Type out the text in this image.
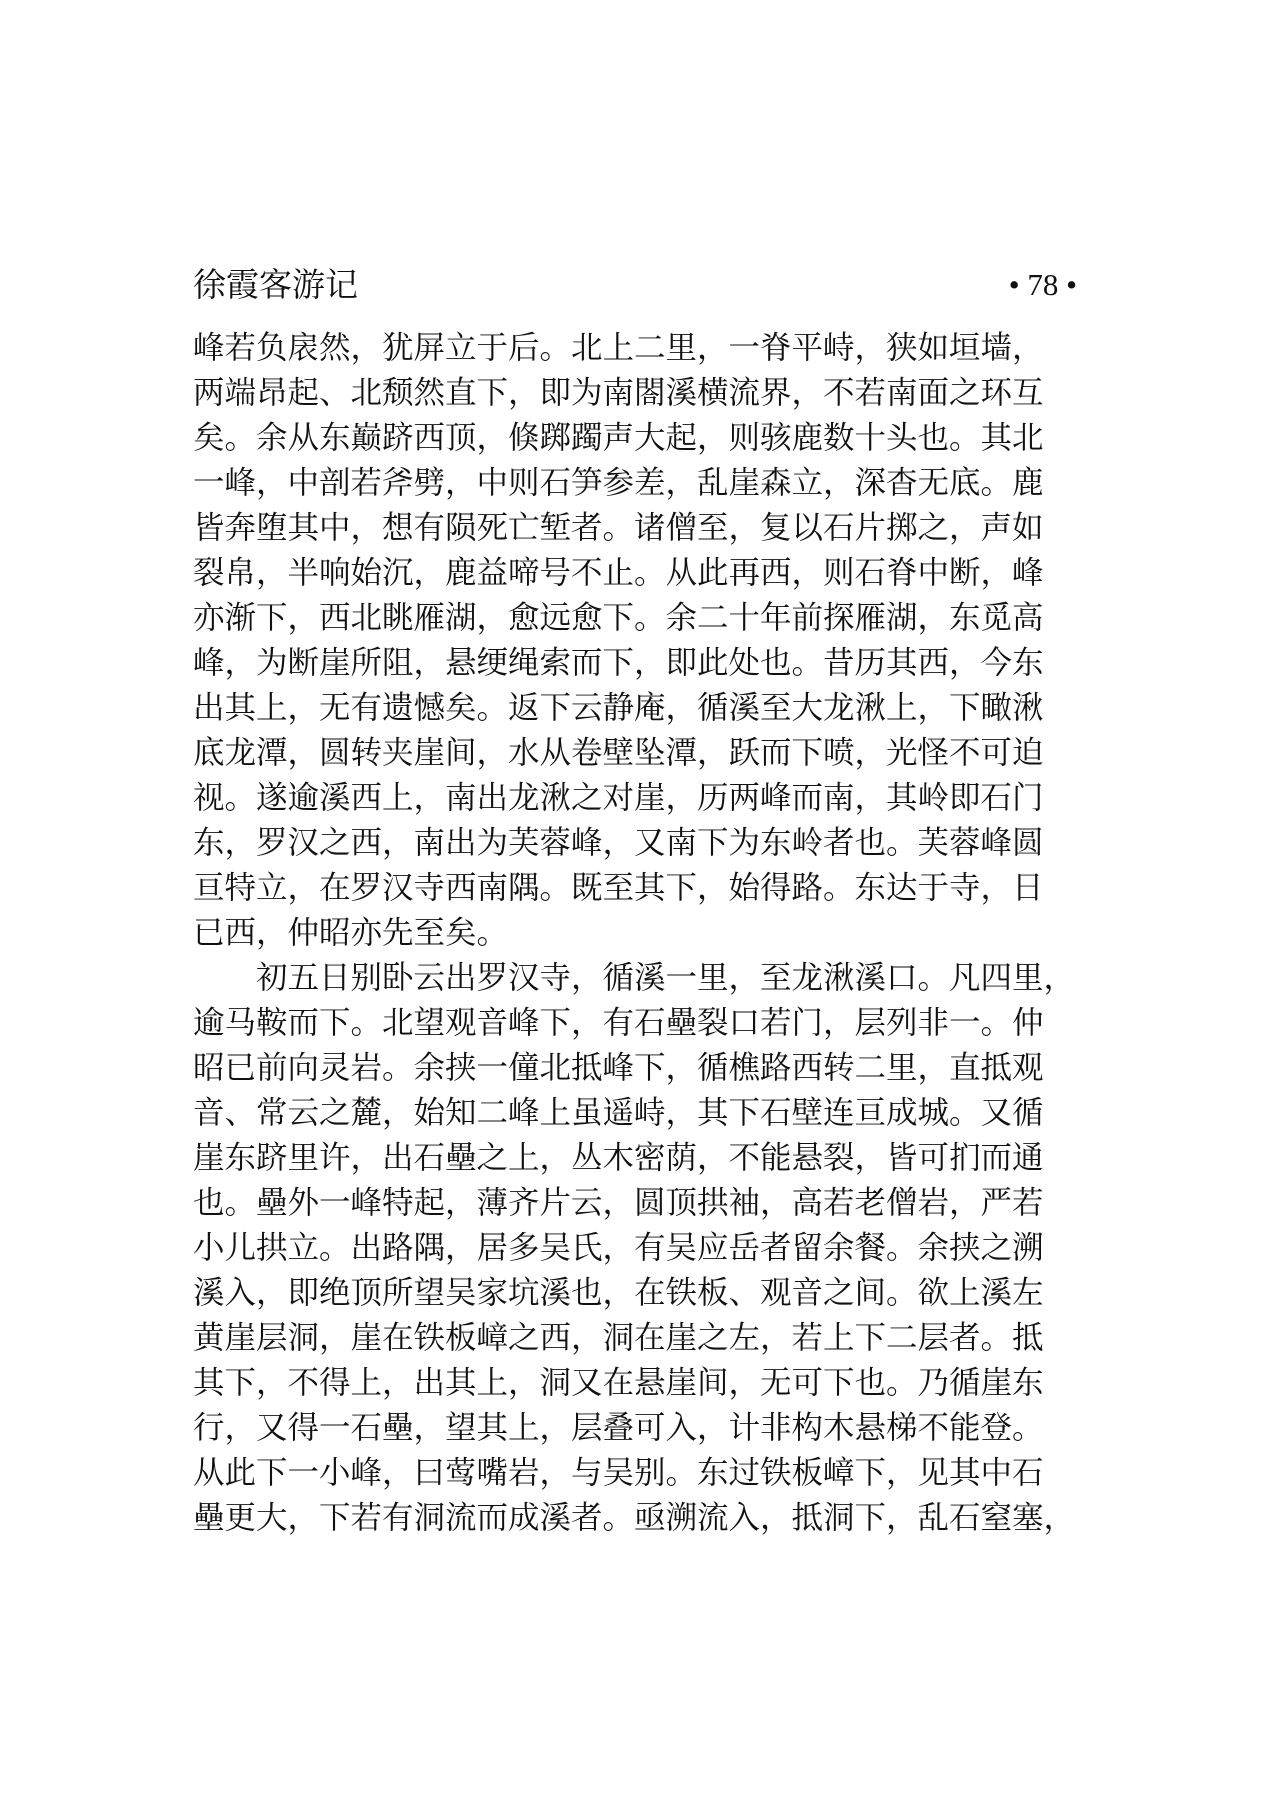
徐霞客游记	• 78 •
峰若负扆然，犹屏立于后。北上二里，一脊平峙，狭如垣墙，
两端昂起、北颓然直下，即为南閤溪横流界，不若南面之环互
矣。余从东巅跻西顶，倏踯躅声大起，则骇鹿数十头也。其北
一峰，中剖若斧劈，中则石笋参差，乱崖森立，深杳无底。鹿
皆奔堕其中，想有陨死亡堑者。诸僧至，复以石片掷之，声如
裂帛，半响始沉，鹿益啼号不止。从此再西，则石脊中断，峰
亦渐下，西北眺雁湖，愈远愈下。余二十年前探雁湖，东觅高
峰，为断崖所阻，悬绠绳索而下，即此处也。昔历其西，今东
出其上，无有遗憾矣。返下云静庵，循溪至大龙湫上，下瞰湫
底龙潭，圆转夹崖间，水从卷壁坠潭，跃而下喷，光怪不可迫
视。遂逾溪西上，南出龙湫之对崖，历两峰而南，其岭即石门
东，罗汉之西，南出为芙蓉峰，又南下为东岭者也。芙蓉峰圆
亘特立，在罗汉寺西南隅。既至其下，始得路。东达于寺，日
已西，仲昭亦先至矣。
初五日别卧云出罗汉寺，循溪一里，至龙湫溪口。凡四里，
逾马鞍而下。北望观音峰下，有石壘裂口若门，层列非一。仲
昭已前向灵岩。余挟一僮北抵峰下，循樵路西转二里，直抵观
音、常云之麓，始知二峰上虽遥峙，其下石壁连亘成城。又循
崖东跻里许，出石壘之上，丛木密荫，不能悬裂，皆可扪而通
也。壘外一峰特起，薄齐片云，圆顶拱袖，高若老僧岩，严若
小儿拱立。出路隅，居多吴氏，有吴应岳者留余餐。余挟之溯
溪入，即绝顶所望吴家坑溪也，在铁板、观音之间。欲上溪左
黄崖层洞，崖在铁板嶂之西，洞在崖之左，若上下二层者。抵
其下，不得上，出其上，洞又在悬崖间，无可下也。乃循崖东
行，又得一石壘，望其上，层叠可入，计非构木悬梯不能登。
从此下一小峰，曰莺嘴岩，与吴别。东过铁板嶂下，见其中石
壘更大，下若有洞流而成溪者。亟溯流入，抵洞下，乱石窒塞，
